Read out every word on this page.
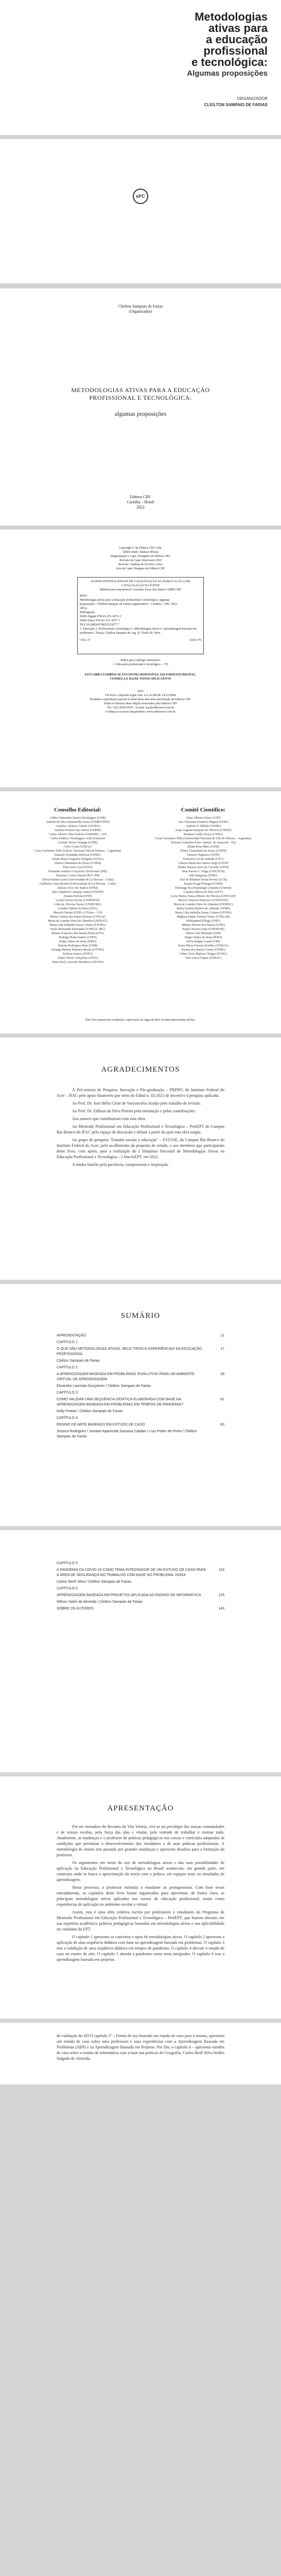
Metodologias
ativas para
a educação
profissional
e tecnológica:
Algumas proposições
ORGANIZADOR
CLEILTON SAMPAIO DE FARIAS
ePC
Cleilton Sampaio de Farias
(Organizador)
METODOLOGIAS ATIVAS PARA A EDUCAÇÃO PROFISSIONAL E TECNOLÓGICA:
algumas proposições
Editora CRV
Curitiba – Brasil
2022
Copyright © da Editora CRV Ltda.
Editor-chefe: Railson Moura
Diagramação e Capa: Designers da Editora CRV
Revisão da Capa: Renovarei 2022
Revisão: Analista de Escrita e Artes
Arte da Capa: Designer da Editora CRV
DADOS INTERNACIONAIS DE CATALOGAÇÃO NA PUBLICAÇÃO (CIP)
CATALOGAÇÃO NA FONTE
Bibliotecária responsável: Luzenira Alves dos Santos CRB9/1506
M593
Metodologias ativas para a educação profissional e tecnológica: algumas
proposições / Cleilton Sampaio de Farias (organizador) – Curitiba : CRV, 2022.
200 p.
Bibliografia
ISBN Digital 978-65-251-3075-3
ISBN Físico 978-65-251-3077-7
DOI 10.24824/978652513077.7
1. Educação 2. Profissional e tecnológica 3. Metodologias ativas 4. Aprendizagem baseada em problemas I. Farias, Cleilton Sampaio de, org. II. Título III. Série.
CDU 37	CDD 370
Índice para catálogo sistemático
1. Educação profissional e tecnológica – 370
ESTA OBRA TAMBÉM SE ENCONTRA DISPONÍVEL EM FORMATO DIGITAL.
CONHEÇA E BAIXE NOSSO APLICATIVO!
2022
Foi feito o depósito legal conf. Lei 10.994 de 14/12/2004
Proibida a reprodução parcial ou total desta obra sem autorização da Editora CRV
Todos os direitos desta edição reservados pela Editora CRV
Tel.: (41) 3039-6418 – E-mail: sac@editoracrv.com.br
Conheça os nossos lançamentos: www.editoracrv.com.br
Conselho Editorial:
Aldira Guimarães Duarte Domínguez (UNB)
Andréia da Silva Quintanilha Sousa (UNIR/UFRN)
Anselmo Alencar Colares (UFOPA)
Antônio Pereira Gaio Júnior (UFRRJ)
Carlos Alberto Vilar Estêvão (UMINHO – PT)
Carlos Federico Dominguez Avila (Unieuro)
Carmen Tereza Velanga (UNIR)
Celso Conti (UFSCar)
Cesar Gerónimo Tello (Univer. Nacional Três de Febrero – Argentina)
Eduardo Fernandes Barbosa (UFMG)
Elione Maria Nogueira Diógenes (UFAL)
Elizeu Clementino de Souza (UNEB)
Élsio José Corá (UFFS)
Fernando Antônio Gonçalves Alcoforado (IPB)
Francisco Carlos Duarte (PUC-PR)
Gloria Fariñas León (Universidade de La Havana – Cuba)
Guillermo Arias Beatón (Universidade de La Havana – Cuba)
Jailson Alves dos Santos (UFRJ)
João Adalberto Campato Junior (UNESP)
Josania Portela (UFPI)
Leonel Severo Rocha (UNISINOS)
Lídia de Oliveira Xavier (UNIEURO)
Lourdes Helena da Silva (UFV)
Marcelo Paixão (UFRJ e UTexas – US)
Maria Cristina dos Santos Bezerra (UFSCar)
Maria de Lourdes Pinto de Almeida (UNOESC)
Maria Lília Imbiriba Sousa Colares (UFOPA)
Paulo Romualdo Hernandes (UNIFAL-MG)
Renato Francisco dos Santos Paula (UFG)
Rodrigo Pratte-Santos (UFES)
Sérgio Nunes de Jesus (IFRO)
Simone Rodrigues Pinto (UNB)
Solange Helena Ximenes-Rocha (UFOPA)
Sydione Santos (UEPG)
Tadeu Oliver Gonçalves (UFPA)
Tania Suely Azevedo Brasileiro (UFOPA)
Comitê Científico:
Altair Alberto Fávero (UPF)
Ana Chrystina Venancio Mignot (UERJ)
Andréia N. Militão (UEMS)
Anna Augusta Sampaio de Oliveira (UNESP)
Barbara Coelho Neves (UFBA)
Cesar Gerónimo Tello (Universidad Nacional de Três de Febrero – Argentina)
Diosnel Centurion (Univ Americ. de Asunción – Py)
Eliane Rose Maio (UEM)
Elizeu Clementino de Souza (UNEB)
Fauston Negreiros (UFPI)
Francisco Ari de Andrade (UFC)
Gláucia Maria dos Santos Jorge (UFOP)
Helder Buenos Aires de Carvalho (UFPI)
Ilma Passos A. Veiga (UNICEUB)
Inês Bragança (UERJ)
José de Ribamar Sousa Pereira (UCB)
Jussara Fraga Portugal (UNEB)
Kilwangy Kya Kapitango-a-Samba (Unemat)
Lourdes Helena da Silva (UFV)
Lucia Marisy Souza Ribeiro de Oliveira (UNIVASF)
Marcos Vinicius Francisco (UNOESTE)
Maria de Lourdes Pinto de Almeida (UNOESC)
Maria Eurácia Barreto de Andrade (UFRB)
Maria Lília Imbiriba Sousa Colares (UFOPA)
Míghian Danae Ferreira Nunes (UNILAB)
Mohammed Elhajji (UFRJ)
Mônica Pereira dos Santos (UFRJ)
Najela Tavares Ujiie (UNESPAR)
Nilson José Machado (USP)
Sérgio Nunes de Jesus (IFRO)
Silvia Regina Canan (URI)
Sonia Maria Ferreira Koehler (UNISAL)
Suzana dos Santos Gomes (UFMG)
Vânia Alves Martins Chaigar (FURG)
Vera Lucia Gaspar (UDESC)
Este livro passou por avaliação e aprovação às cegas de dois ou mais pareceristas ad hoc.
AGRADECIMENTOS
À Pró-reitoria de Pesquisa, Inovação e Pós-graduação – PRPIPG do Instituto Federal do Acre – IFAC pelo apoio financeiro por meio do Edital n. 02/2021 de incentivo à pesquisa aplicada.
Ao Prof. Dr. José Hélio Cirne de Vasconcelos Araújo pelo trabalho de revisão.
Ao Prof. Dr. Edilson da Silva Pereira pela orientação e pelas contribuições.
Aos autores que contribuíram com esta obra.
Ao Mestrado Profissional em Educação Profissional e Tecnológica – ProfEPT do Campus Rio Branco do IFAC pelo espaço de discussão e debate a partir do qual esta obra surgiu.
Ao grupo de pesquisa "Estudos sociais e educação" – ESTASE, do Campus Rio Branco do Instituto Federal do Acre, pelo acolhimento da proposta de estudo, e aos membros que participaram deste livro, com apoio, para a realização do I Simpósio Nacional de Metodologias Ativas na Educação Profissional e Tecnológica – I SimAtEPT, em 2021.
A minha família pela paciência, compreensão e inspiração.
SUMÁRIO
APRESENTAÇÃO	11
CAPÍTULO 1
O QUE SÃO METODOLOGIAS ATIVAS, SEUS TIPOS E EXPERIÊNCIAS NA EDUCAÇÃO PROFISSIONAL
17
Cleilton Sampaio de Farias
CAPÍTULO 2
A APRENDIZAGEM BASEADA EM PROBLEMAS 'EVOLUTIVA' PARA UM AMBIENTE VIRTUAL DE APRENDIZAGEM
39
Elisandra Laurinda Gonçalves / Cleilton Sampaio de Farias
CAPÍTULO 3
COMO VALIDAR UMA SEQUÊNCIA DIDÁTICA ELABORADA COM BASE NA APRENDIZAGEM BASEADA EM PROBLEMAS EM TEMPOS DE PANDEMIA?
61
Kelly Freitas / Cleilton Sampaio de Farias
CAPÍTULO 4
ENSINO DE ARTE BASEADO EM ESTUDO DE CASO	83
Jessica Rodrigues / Josiane Aparecida Santana Catalan / Luiz Pedro de Pinho / Cleilton Sampaio de Farias
CAPÍTULO 5
A PANDEMIA DA COVID-19 COMO TEMA INTEGRADOR DE UM ESTUDO DE CASO PARA A ÁREA DE SEGURANÇA NO TRABALHO COM BASE NO PROBLEMA: HORA
103
Carlos Iberê Silva / Cleilton Sampaio de Farias
CAPÍTULO 6
APRENDIZAGEM BASEADA EM PROJETOS APLICADA AO ENSINO DE INFORMÁTICA	125
Wilson Salim de Almeida / Cleilton Sampaio de Farias
SOBRE OS AUTORES	143
APRESENTAÇÃO
Por ser moradora do Recanto da Vila Vitória, vivi-se no privilégio das nossas comunidades e de nossas escolas, pela força das idas e vindas, pela vontade de trabalhar e ensinar tudo. Atualmente, as mudanças e o professor de práticas pedagógicas nos cursos e currículos adaptados às condições que permitam o desenvolvimento dos estudantes e de suas práticas profissionais. A metodologia de ensino tem passado por grandes mudanças e apresenta desafios para a formação do professor.
Os argumentos em torno do uso de metodologias ativas e das suas possibilidades de aplicação na Educação Profissional e Tecnológica no Brasil acontecem, em grande parte, em contextos onde se busca a aproximação da teoria com a prática, em espaços reais ou simulados de aprendizagem.
Nesse processo, o professor estimula o estudante ao protagonismo. Com base nesse entendimento, os capítulos deste livro foram organizados para apresentar, de forma clara, as principais metodologias ativas aplicadas nos cursos de educação profissional, assim como experiências de aplicação no ambiente escolar e virtual.
Assim, esta é uma obra coletiva escrita por professores e estudantes do Programa de Mestrado Profissional em Educação Profissional e Tecnológica – ProfEPT, que buscou discutir, em sua trajetória acadêmica, práticas pedagógicas baseadas em metodologias ativas e sua aplicabilidade no cotidiano da EPT.
O capítulo 1 apresenta os conceitos e tipos de metodologias ativas. O capítulo 2 apresenta a aplicação de uma sequência didática com base na aprendizagem baseada em problemas. O capítulo 3 traz a validação de uma sequência didática em tempos de pandemia. O capítulo 4 discute o estudo de caso no ensino de arte. O capítulo 5 aborda a pandemia como tema integrador. O capítulo 6 traz a aprendizagem baseada em projetos.
de validação do SD O capítulo 5º – Ferma de seu baseado em estudo de caso para o ensino, apresenta um estudo de caso sobre uma professora e suas experiências com a Aprendizagem Baseada em Problemas (ABP) e na Aprendizagem Baseada em Projetos. Por fim, o capítulo 6 – apresenta estudos de caso sobre o ensino de informática com a base nas práticas de Geografia. Carlos Iberê Silva Wallin Salgado de Almeida.
